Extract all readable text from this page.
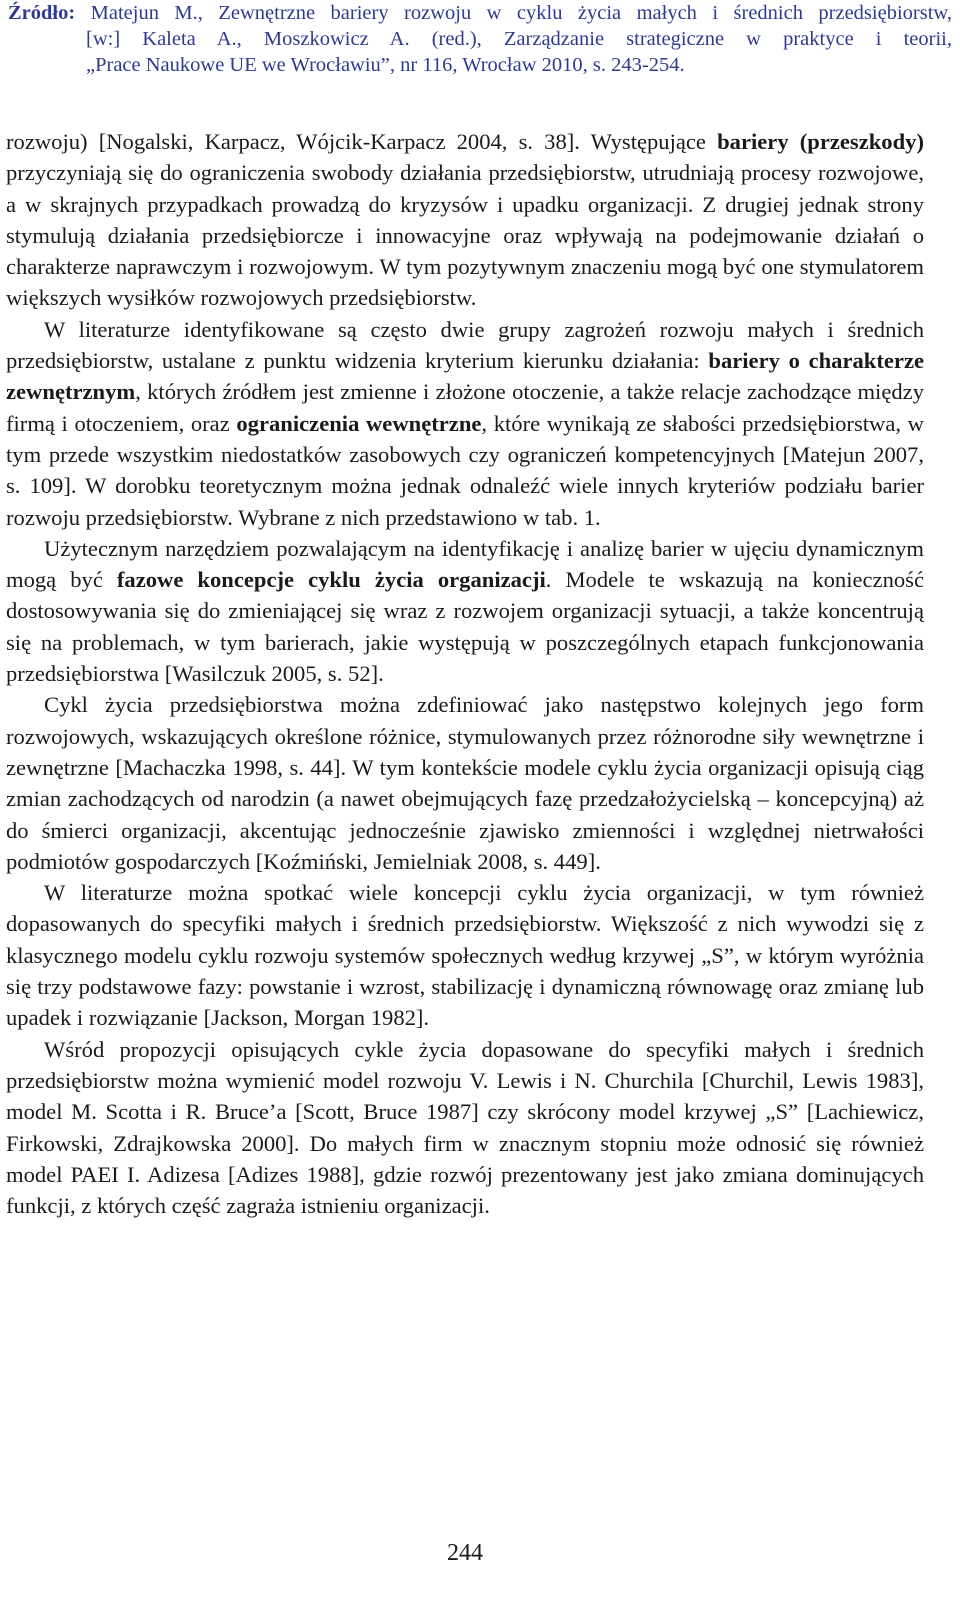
Źródło: Matejun M., Zewnętrzne bariery rozwoju w cyklu życia małych i średnich przedsiębiorstw,
[w:] Kaleta A., Moszkowicz A. (red.), Zarządzanie strategiczne w praktyce i teorii,
„Prace Naukowe UE we Wrocławiu”, nr 116, Wrocław 2010, s. 243-254.

rozwoju) [Nogalski, Karpacz, Wójcik-Karpacz 2004, s. 38]. Występujące bariery (przeszkody) przyczyniają się do ograniczenia swobody działania przedsiębiorstw, utrudniają procesy rozwojowe, a w skrajnych przypadkach prowadzą do kryzysów i upadku organizacji. Z drugiej jednak strony stymulują działania przedsiębiorcze i innowacyjne oraz wpływają na podejmowanie działań o charakterze naprawczym i rozwojowym. W tym pozytywnym znaczeniu mogą być one stymulatorem większych wysiłków rozwojowych przedsiębiorstw.

W literaturze identyfikowane są często dwie grupy zagrożeń rozwoju małych i średnich przedsiębiorstw, ustalane z punktu widzenia kryterium kierunku działania: bariery o charakterze zewnętrznym, których źródłem jest zmienne i złożone otoczenie, a także relacje zachodzące między firmą i otoczeniem, oraz ograniczenia wewnętrzne, które wynikają ze słabości przedsiębiorstwa, w tym przede wszystkim niedostatków zasobowych czy ograniczeń kompetencyjnych [Matejun 2007, s. 109]. W dorobku teoretycznym można jednak odnaleźć wiele innych kryteriów podziału barier rozwoju przedsiębiorstw. Wybrane z nich przedstawiono w tab. 1.

Użytecznym narzędziem pozwalającym na identyfikację i analizę barier w ujęciu dynamicznym mogą być fazowe koncepcje cyklu życia organizacji. Modele te wskazują na konieczność dostosowywania się do zmieniającej się wraz z rozwojem organizacji sytuacji, a także koncentrują się na problemach, w tym barierach, jakie występują w poszczególnych etapach funkcjonowania przedsiębiorstwa [Wasilczuk 2005, s. 52].

Cykl życia przedsiębiorstwa można zdefiniować jako następstwo kolejnych jego form rozwojowych, wskazujących określone różnice, stymulowanych przez różnorodne siły wewnętrzne i zewnętrzne [Machaczka 1998, s. 44]. W tym kontekście modele cyklu życia organizacji opisują ciąg zmian zachodzących od narodzin (a nawet obejmujących fazę przedzałożycielską – koncepcyjną) aż do śmierci organizacji, akcentując jednocześnie zjawisko zmienności i względnej nietrwałości podmiotów gospodarczych [Koźmiński, Jemielniak 2008, s. 449].

W literaturze można spotkać wiele koncepcji cyklu życia organizacji, w tym również dopasowanych do specyfiki małych i średnich przedsiębiorstw. Większość z nich wywodzi się z klasycznego modelu cyklu rozwoju systemów społecznych według krzywej „S”, w którym wyróżnia się trzy podstawowe fazy: powstanie i wzrost, stabilizację i dynamiczną równowagę oraz zmianę lub upadek i rozwiązanie [Jackson, Morgan 1982].

Wśród propozycji opisujących cykle życia dopasowane do specyfiki małych i średnich przedsiębiorstw można wymienić model rozwoju V. Lewis i N. Churchila [Churchil, Lewis 1983], model M. Scotta i R. Bruce’a [Scott, Bruce 1987] czy skrócony model krzywej „S” [Lachiewicz, Firkowski, Zdrajkowska 2000]. Do małych firm w znacznym stopniu może odnosić się również model PAEI I. Adizesa [Adizes 1988], gdzie rozwój prezentowany jest jako zmiana dominujących funkcji, z których część zagraża istnieniu organizacji.

244
